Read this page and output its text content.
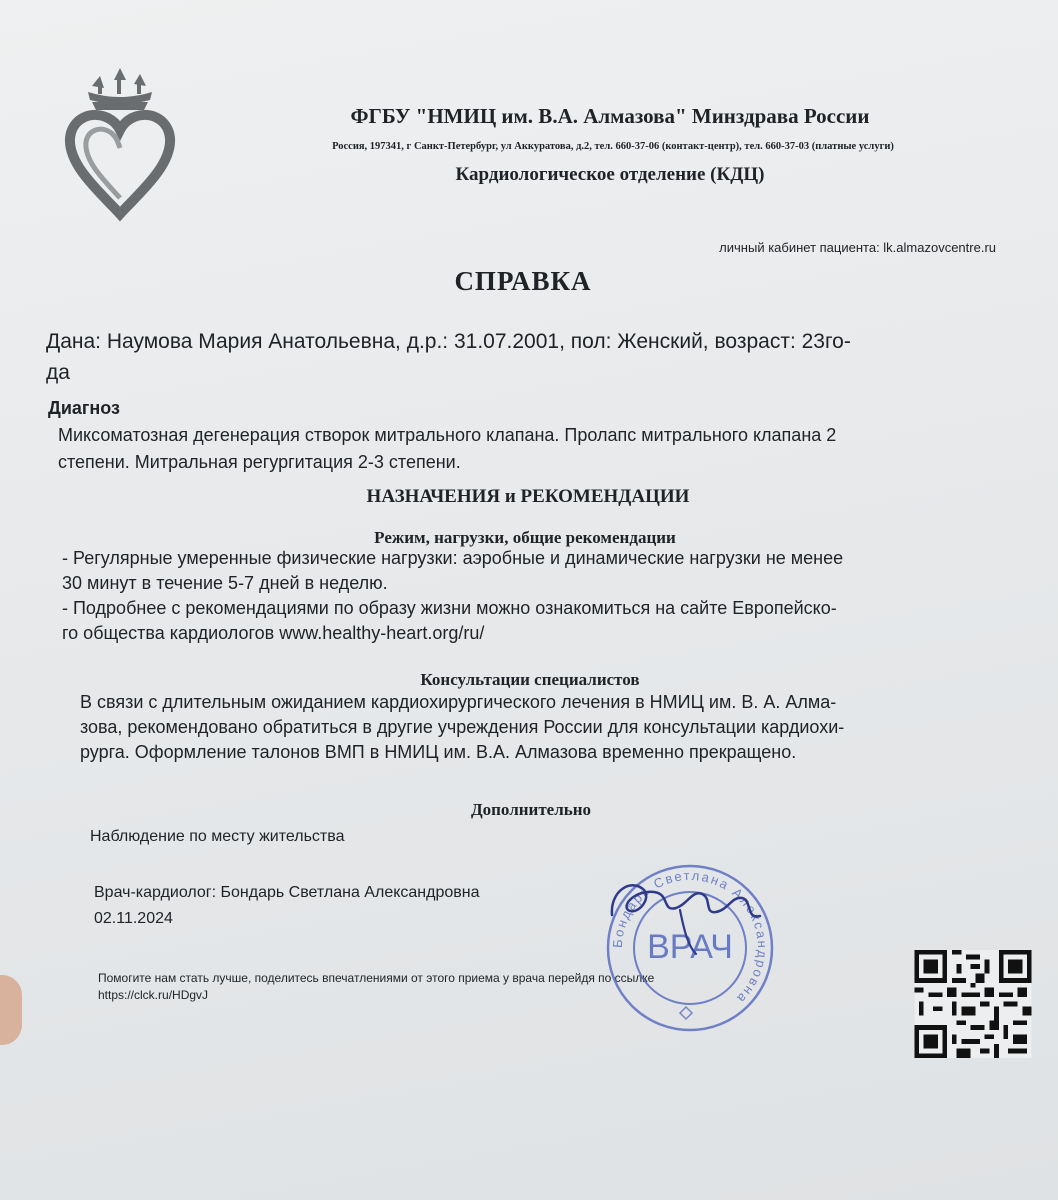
ФГБУ "НМИЦ им. В.А. Алмазова" Минздрава России
Россия, 197341, г Санкт-Петербург, ул Аккуратова, д.2, тел. 660-37-06 (контакт-центр), тел. 660-37-03 (платные услуги)
Кардиологическое отделение (КДЦ)
личный кабинет пациента: lk.almazovcentre.ru
СПРАВКА
Дана: Наумова Мария Анатольевна, д.р.: 31.07.2001, пол: Женский, возраст: 23го-
да
Диагноз
Миксоматозная дегенерация створок митрального клапана. Пролапс митрального клапана 2
степени. Митральная регургитация 2-3 степени.
НАЗНАЧЕНИЯ и РЕКОМЕНДАЦИИ
Режим, нагрузки, общие рекомендации
- Регулярные умеренные физические нагрузки: аэробные и динамические нагрузки не менее
30 минут в течение 5-7 дней в неделю.
- Подробнее с рекомендациями по образу жизни можно ознакомиться на сайте Европейско-
го общества кардиологов www.healthy-heart.org/ru/
Консультации специалистов
В связи с длительным ожиданием кардиохирургического лечения в НМИЦ им. В. А. Алма-
зова, рекомендовано обратиться в другие учреждения России для консультации кардиохи-
рурга. Оформление талонов ВМП в НМИЦ им. В.А. Алмазова временно прекращено.
Дополнительно
Наблюдение по месту жительства
Врач-кардиолог: Бондарь Светлана Александровна
02.11.2024
Помогите нам стать лучше, поделитесь впечатлениями от этого приема у врача перейдя по ссылке
https://clck.ru/HDgvJ
Бондарь Светлана Александровна
ВРАЧ
